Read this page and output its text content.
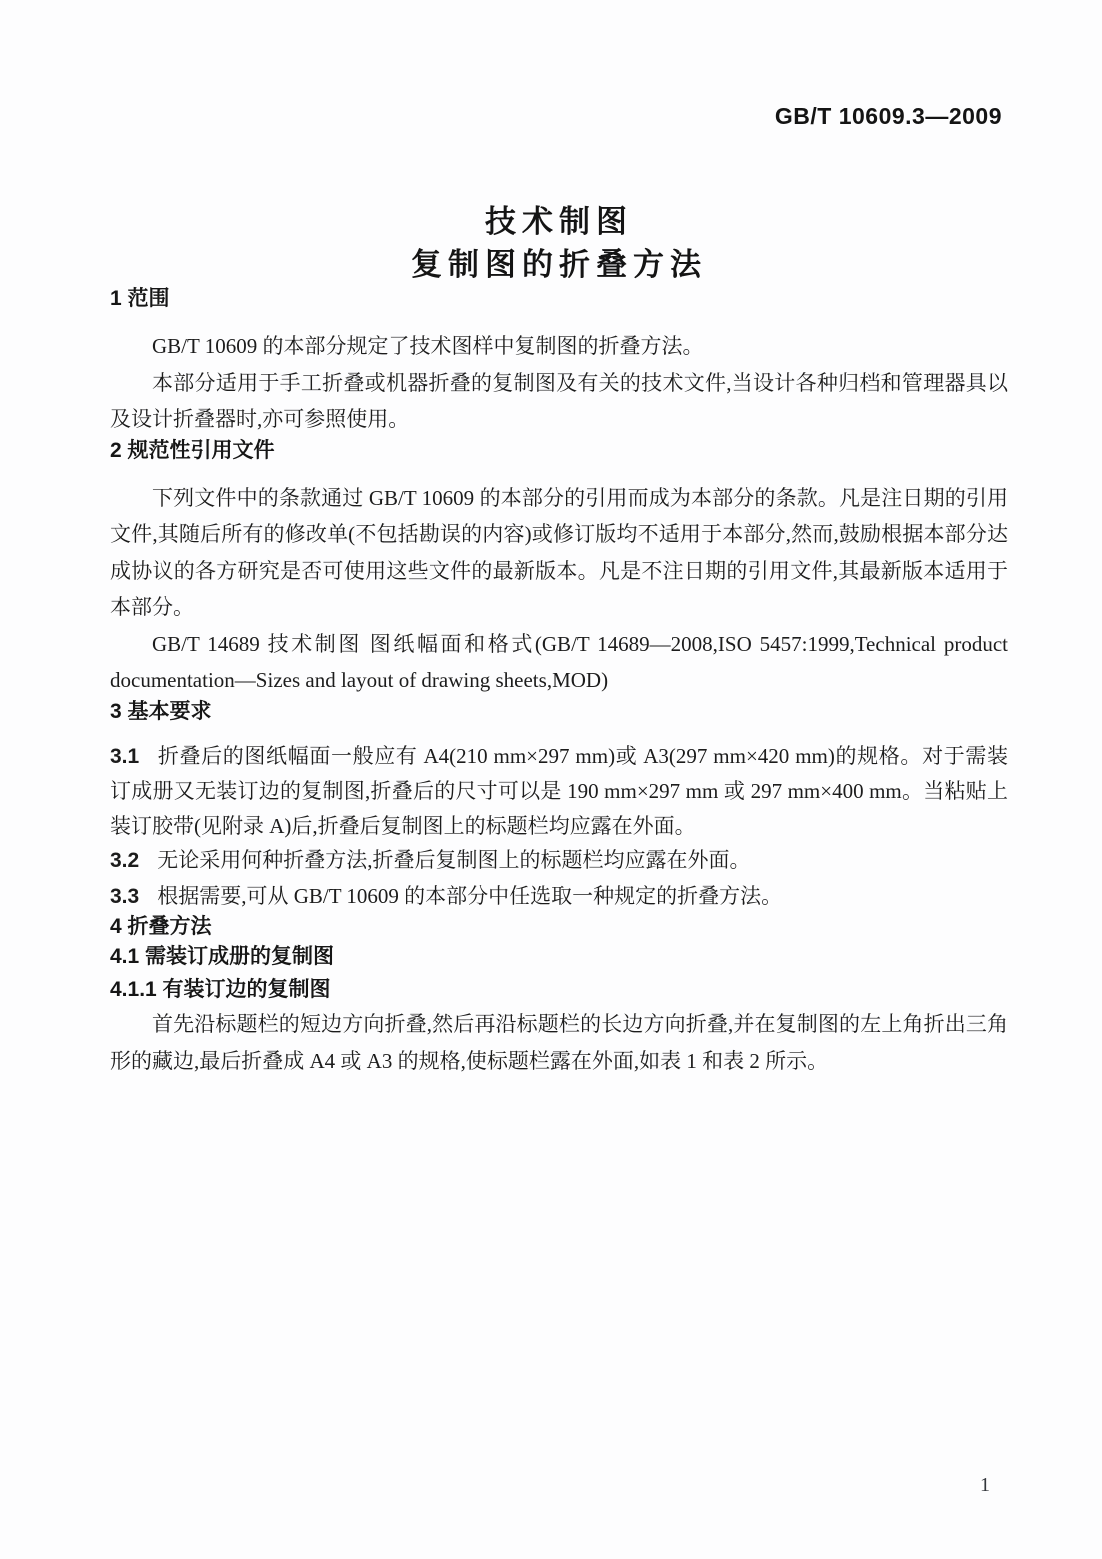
GB/T 10609.3—2009
技术制图
复制图的折叠方法
1 范围

GB/T 10609 的本部分规定了技术图样中复制图的折叠方法。

本部分适用于手工折叠或机器折叠的复制图及有关的技术文件,当设计各种归档和管理器具以及设计折叠器时,亦可参照使用。

2 规范性引用文件

下列文件中的条款通过 GB/T 10609 的本部分的引用而成为本部分的条款。凡是注日期的引用文件,其随后所有的修改单(不包括勘误的内容)或修订版均不适用于本部分,然而,鼓励根据本部分达成协议的各方研究是否可使用这些文件的最新版本。凡是不注日期的引用文件,其最新版本适用于本部分。

GB/T 14689 技术制图 图纸幅面和格式(GB/T 14689—2008,ISO 5457:1999,Technical product documentation—Sizes and layout of drawing sheets,MOD)

3 基本要求

3.1 折叠后的图纸幅面一般应有 A4(210 mm×297 mm)或 A3(297 mm×420 mm)的规格。对于需装订成册又无装订边的复制图,折叠后的尺寸可以是 190 mm×297 mm 或 297 mm×400 mm。当粘贴上装订胶带(见附录 A)后,折叠后复制图上的标题栏均应露在外面。

3.2 无论采用何种折叠方法,折叠后复制图上的标题栏均应露在外面。

3.3 根据需要,可从 GB/T 10609 的本部分中任选取一种规定的折叠方法。

4 折叠方法
4.1 需装订成册的复制图
4.1.1 有装订边的复制图

首先沿标题栏的短边方向折叠,然后再沿标题栏的长边方向折叠,并在复制图的左上角折出三角形的藏边,最后折叠成 A4 或 A3 的规格,使标题栏露在外面,如表 1 和表 2 所示。

1
